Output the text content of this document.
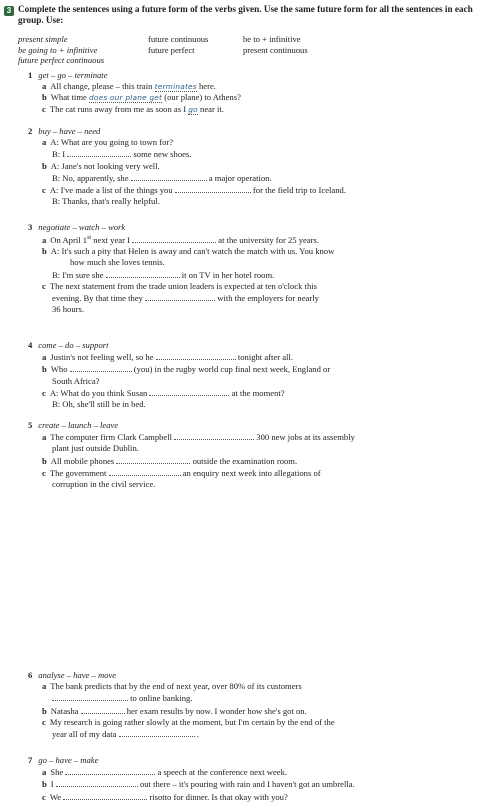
3 Complete the sentences using a future form of the verbs given. Use the same future form for all the sentences in each group. Use:
present simple	future continuous	be to + infinitive
be going to + infinitive	future perfect	present continuous
future perfect continuous
1 get – go – terminate
a All change, please – this train terminates here.
b What time does our plane get (our plane) to Athens?
c The cat runs away from me as soon as I go near it.
2 buy – have – need
a A: What are you going to town for?
B: I	some new shoes.
b A: Jane's not looking very well.
B: No, apparently, she	a major operation.
c A: I've made a list of the things you	for the field trip to Iceland.
B: Thanks, that's really helpful.
3 negotiate – watch – work
a On April 1st next year I	at the university for 25 years.
b A: It's such a pity that Helen is away and can't watch the match with us. You know
how much she loves tennis.
B: I'm sure she	it on TV in her hotel room.
c The next statement from the trade union leaders is expected at ten o'clock this
evening. By that time they	with the employers for nearly
36 hours.
4 come – do – support
a Justin's not feeling well, so he	tonight after all.
b Who	(you) in the rugby world cup final next week, England or
South Africa?
c A: What do you think Susan	at the moment?
B: Oh, she'll still be in bed.
5 create – launch – leave
a The computer firm Clark Campbell	300 new jobs at its assembly
plant just outside Dublin.
b All mobile phones	outside the examination room.
c The government	an enquiry next week into allegations of
corruption in the civil service.
6 analyse – have – move
a The bank predicts that by the end of next year, over 80% of its customers
to online banking.
b Natasha	her exam results by now. I wonder how she's got on.
c My research is going rather slowly at the moment, but I'm certain by the end of the
year all of my data	.
7 go – have – make
a She	a speech at the conference next week.
b I	out there – it's pouring with rain and I haven't got an umbrella.
c We	risotto for dinner. Is that okay with you?
